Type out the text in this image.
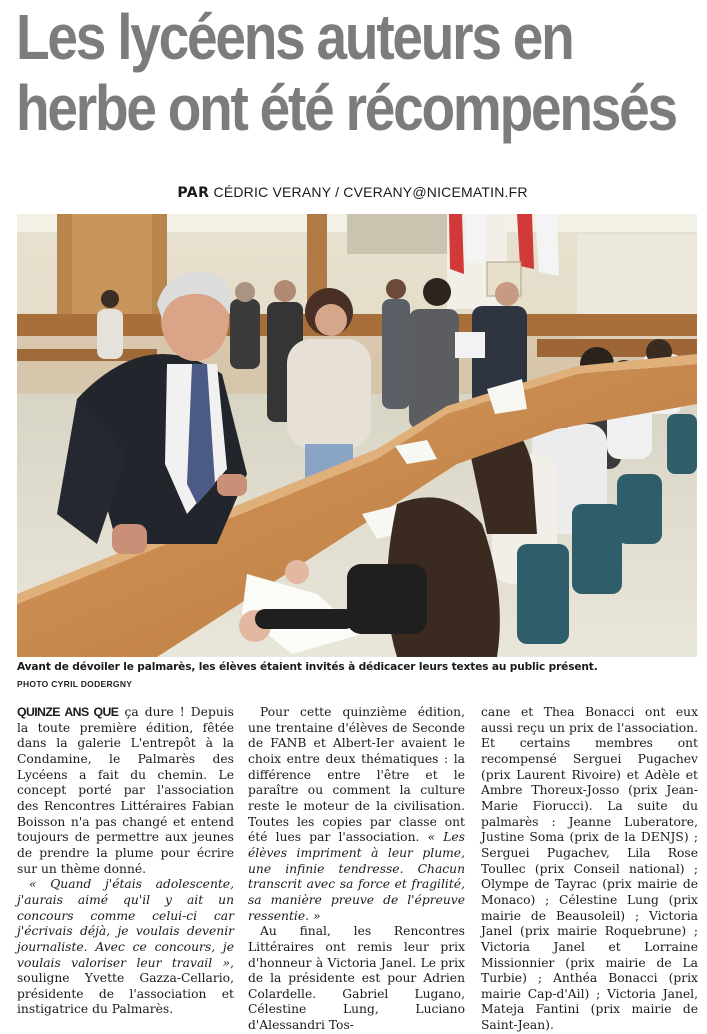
Les lycéens auteurs en
herbe ont été récompensés
PAR CÉDRIC VERANY / CVERANY@NICEMATIN.FR
Avant de dévoiler le palmarès, les élèves étaient invités à dédicacer leurs textes au public présent.
PHOTO CYRIL DODERGNY

QUINZE ANS QUE ça dure ! Depuis la toute première édition, fêtée dans la galerie L'entrepôt à la Condamine, le Palmarès des Lycéens a fait du chemin. Le concept porté par l'association des Rencontres Littéraires Fabian Boisson n'a pas changé et entend toujours de permettre aux jeunes de prendre la plume pour écrire sur un thème donné.

« Quand j'étais adolescente, j'aurais aimé qu'il y ait un concours comme celui-ci car j'écrivais déjà, je voulais devenir journaliste. Avec ce concours, je voulais valoriser leur travail », souligne Yvette Gazza-Cellario, présidente de l'association et instigatrice du Palmarès.

Pour cette quinzième édition, une trentaine d'élèves de Seconde de FANB et Albert-Ier avaient le choix entre deux thématiques : la différence entre l'être et le paraître ou comment la culture reste le moteur de la civilisation. Toutes les copies par classe ont été lues par l'association. « Les élèves impriment à leur plume, une infinie tendresse. Chacun transcrit avec sa force et fragilité, sa manière preuve de l'épreuve ressentie. »

Au final, les Rencontres Littéraires ont remis leur prix d'honneur à Victoria Janel. Le prix de la présidente est pour Adrien Colardelle. Gabriel Lugano, Célestine Lung, Luciano d'Alessandri Tos-

cane et Thea Bonacci ont eux aussi reçu un prix de l'association. Et certains membres ont recompensé Serguei Pugachev (prix Laurent Rivoire) et Adèle et Ambre Thoreux-Josso (prix Jean-Marie Fiorucci). La suite du palmarès : Jeanne Luberatore, Justine Soma (prix de la DENJS) ; Serguei Pugachev, Lila Rose Toullec (prix Conseil national) ; Olympe de Tayrac (prix mairie de Monaco) ; Célestine Lung (prix mairie de Beausoleil) ; Victoria Janel (prix mairie Roquebrune) ; Victoria Janel et Lorraine Missionnier (prix mairie de La Turbie) ; Anthéa Bonacci (prix mairie Cap-d'Ail) ; Victoria Janel, Mateja Fantini (prix mairie de Saint-Jean).
